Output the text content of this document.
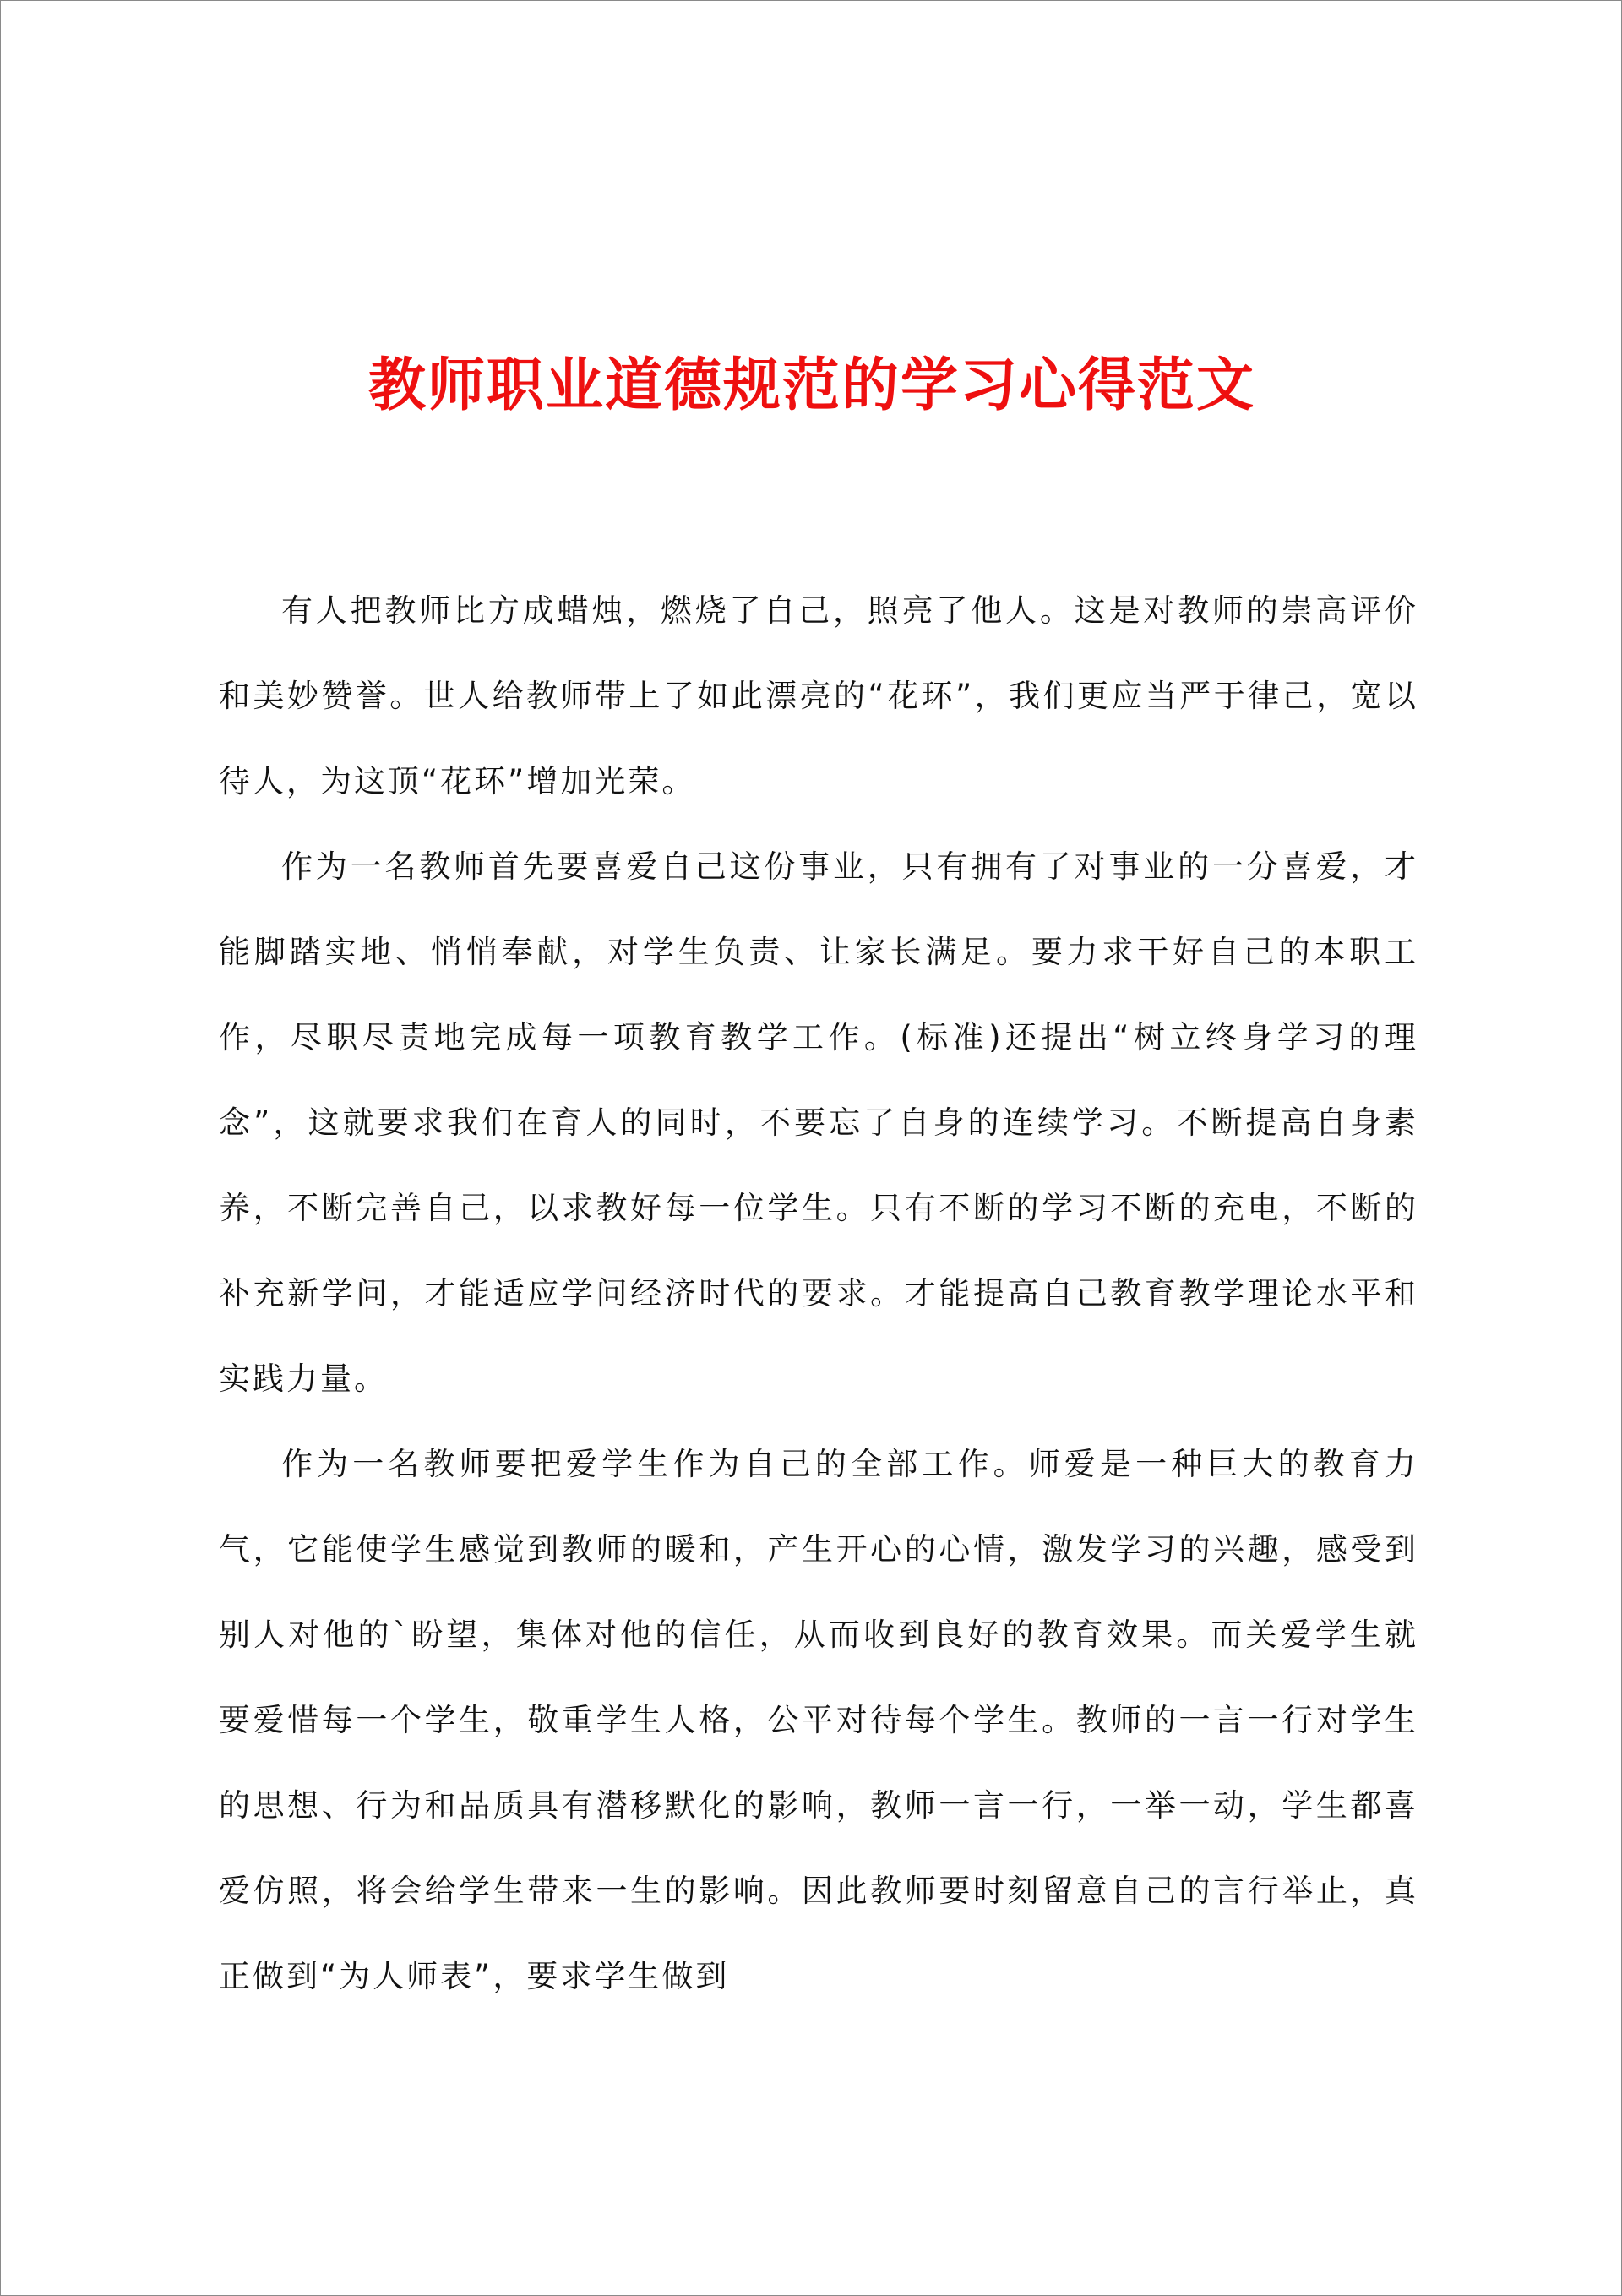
教师职业道德规范的学习心得范文

有人把教师比方成蜡烛，燃烧了自己，照亮了他人。这是对教师的崇高评价和美妙赞誉。世人给教师带上了如此漂亮的“花环”，我们更应当严于律己，宽以待人，为这顶“花环”增加光荣。

作为一名教师首先要喜爱自己这份事业，只有拥有了对事业的一分喜爱，才能脚踏实地、悄悄奉献，对学生负责、让家长满足。要力求干好自己的本职工作，尽职尽责地完成每一项教育教学工作。(标准)还提出“树立终身学习的理念”，这就要求我们在育人的同时，不要忘了自身的连续学习。不断提高自身素养，不断完善自己，以求教好每一位学生。只有不断的学习不断的充电，不断的补充新学问，才能适应学问经济时代的要求。才能提高自己教育教学理论水平和实践力量。

作为一名教师要把爱学生作为自己的全部工作。师爱是一种巨大的教育力气，它能使学生感觉到教师的暖和，产生开心的心情，激发学习的兴趣，感受到别人对他的`盼望，集体对他的信任，从而收到良好的教育效果。而关爱学生就要爱惜每一个学生，敬重学生人格，公平对待每个学生。教师的一言一行对学生的思想、行为和品质具有潜移默化的影响，教师一言一行，一举一动，学生都喜爱仿照，将会给学生带来一生的影响。因此教师要时刻留意自己的言行举止，真正做到“为人师表”，要求学生做到
